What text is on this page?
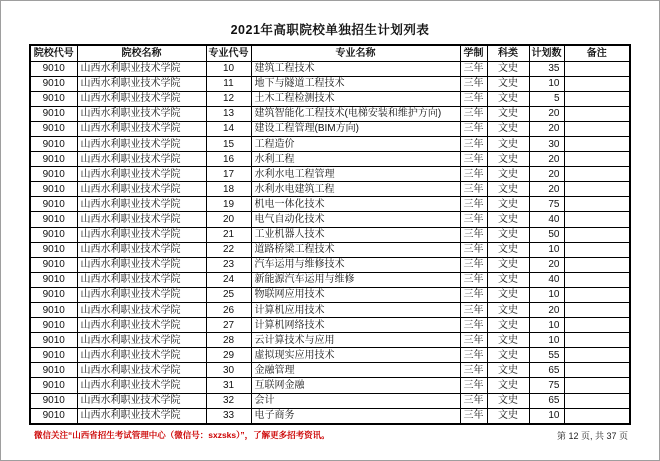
2021年高职院校单独招生计划列表
院校代号	院校名称	专业代号	专业名称	学制	科类	计划数	备注
9010	山西水利职业技术学院	10	建筑工程技术	三年	文史	35	
9010	山西水利职业技术学院	11	地下与隧道工程技术	三年	文史	10	
9010	山西水利职业技术学院	12	土木工程检测技术	三年	文史	5	
9010	山西水利职业技术学院	13	建筑智能化工程技术(电梯安装和维护方向)	三年	文史	20	
9010	山西水利职业技术学院	14	建设工程管理(BIM方向)	三年	文史	20	
9010	山西水利职业技术学院	15	工程造价	三年	文史	30	
9010	山西水利职业技术学院	16	水利工程	三年	文史	20	
9010	山西水利职业技术学院	17	水利水电工程管理	三年	文史	20	
9010	山西水利职业技术学院	18	水利水电建筑工程	三年	文史	20	
9010	山西水利职业技术学院	19	机电一体化技术	三年	文史	75	
9010	山西水利职业技术学院	20	电气自动化技术	三年	文史	40	
9010	山西水利职业技术学院	21	工业机器人技术	三年	文史	50	
9010	山西水利职业技术学院	22	道路桥梁工程技术	三年	文史	10	
9010	山西水利职业技术学院	23	汽车运用与维修技术	三年	文史	20	
9010	山西水利职业技术学院	24	新能源汽车运用与维修	三年	文史	40	
9010	山西水利职业技术学院	25	物联网应用技术	三年	文史	10	
9010	山西水利职业技术学院	26	计算机应用技术	三年	文史	20	
9010	山西水利职业技术学院	27	计算机网络技术	三年	文史	10	
9010	山西水利职业技术学院	28	云计算技术与应用	三年	文史	10	
9010	山西水利职业技术学院	29	虚拟现实应用技术	三年	文史	55	
9010	山西水利职业技术学院	30	金融管理	三年	文史	65	
9010	山西水利职业技术学院	31	互联网金融	三年	文史	75	
9010	山西水利职业技术学院	32	会计	三年	文史	65	
9010	山西水利职业技术学院	33	电子商务	三年	文史	10	
微信关注“山西省招生考试管理中心（微信号：sxzsks）”，了解更多招考资讯。	第 12 页, 共 37 页
